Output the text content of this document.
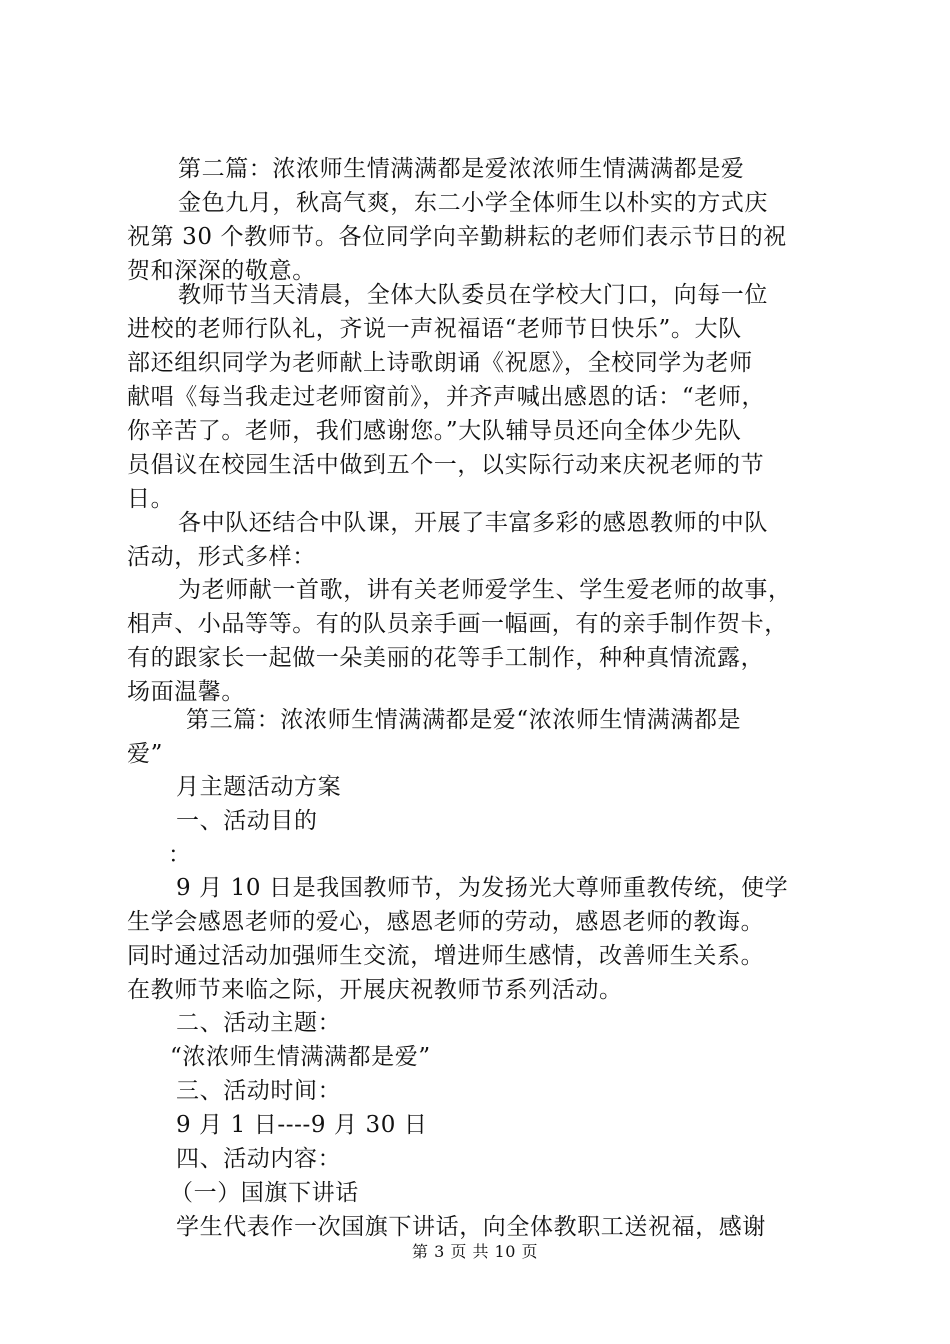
第二篇：浓浓师生情满满都是爱浓浓师生情满满都是爱
金色九月，秋高气爽，东二小学全体师生以朴实的方式庆
祝第 30 个教师节。各位同学向辛勤耕耘的老师们表示节日的祝
贺和深深的敬意。
教师节当天清晨，全体大队委员在学校大门口，向每一位
进校的老师行队礼，齐说一声祝福语“老师节日快乐”。大队
部还组织同学为老师献上诗歌朗诵《祝愿》，全校同学为老师
献唱《每当我走过老师窗前》，并齐声喊出感恩的话：“老师，
你辛苦了。老师，我们感谢您。”大队辅导员还向全体少先队
员倡议在校园生活中做到五个一，以实际行动来庆祝老师的节
日。
各中队还结合中队课，开展了丰富多彩的感恩教师的中队
活动，形式多样：
为老师献一首歌，讲有关老师爱学生、学生爱老师的故事，
相声、小品等等。有的队员亲手画一幅画，有的亲手制作贺卡，
有的跟家长一起做一朵美丽的花等手工制作，种种真情流露，
场面温馨。
第三篇：浓浓师生情满满都是爱“浓浓师生情满满都是
爱”
月主题活动方案
一、活动目的
：
9 月 10 日是我国教师节，为发扬光大尊师重教传统，使学
生学会感恩老师的爱心，感恩老师的劳动，感恩老师的教诲。
同时通过活动加强师生交流，增进师生感情，改善师生关系。
在教师节来临之际，开展庆祝教师节系列活动。
二、活动主题：
“浓浓师生情满满都是爱”
三、活动时间：
9 月 1 日----9 月 30 日
四、活动内容：
（一）国旗下讲话
学生代表作一次国旗下讲话，向全体教职工送祝福，感谢
第 3 页 共 10 页
